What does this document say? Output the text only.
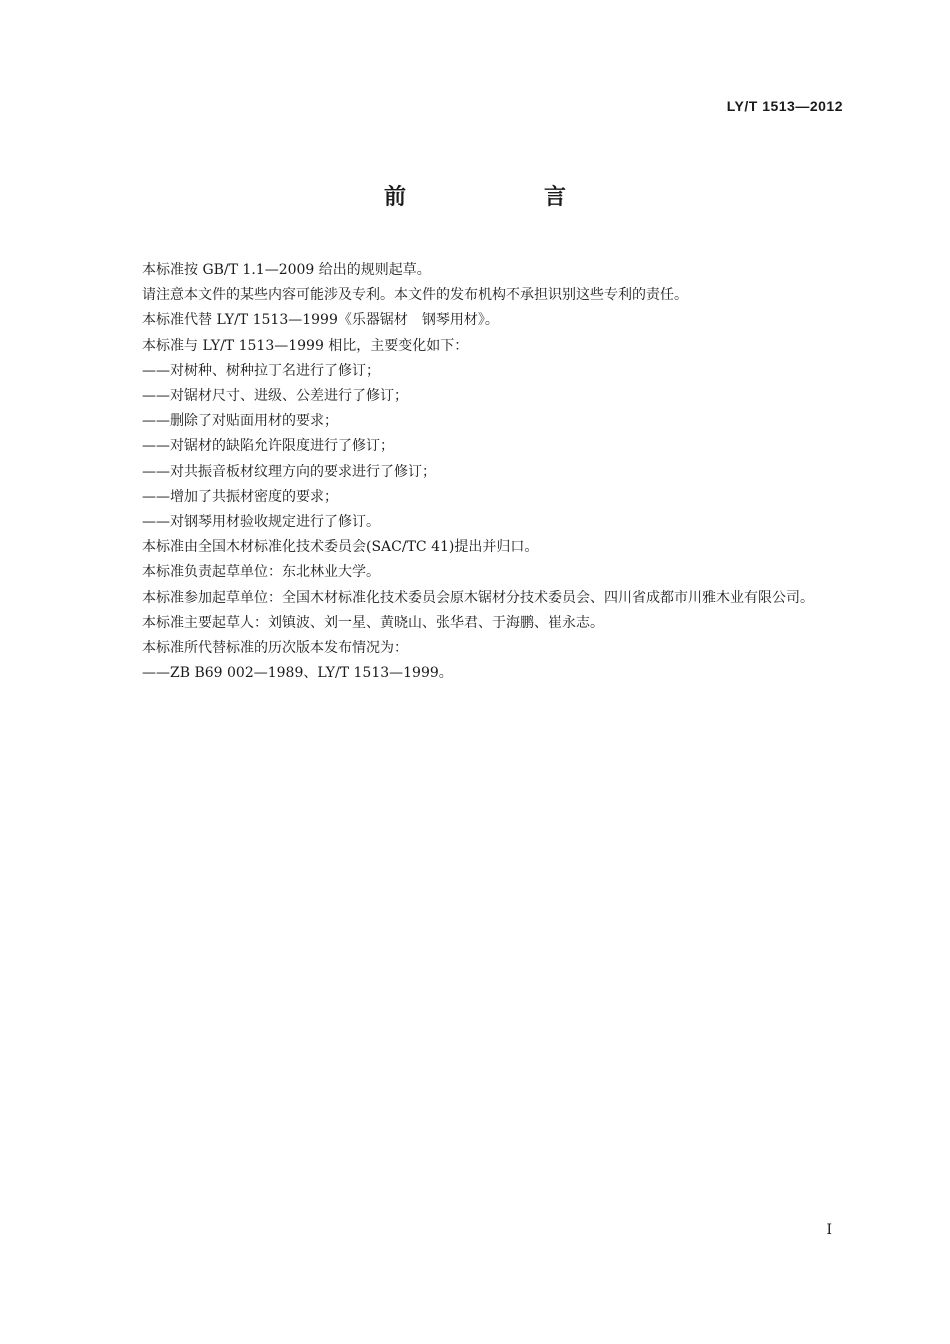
LY/T 1513—2012
前　言

本标准按 GB/T 1.1—2009 给出的规则起草。

请注意本文件的某些内容可能涉及专利。本文件的发布机构不承担识别这些专利的责任。

本标准代替 LY/T 1513—1999《乐器锯材　钢琴用材》。

本标准与 LY/T 1513—1999 相比，主要变化如下：

——对树种、树种拉丁名进行了修订；

——对锯材尺寸、进级、公差进行了修订；

——删除了对贴面用材的要求；

——对锯材的缺陷允许限度进行了修订；

——对共振音板材纹理方向的要求进行了修订；

——增加了共振材密度的要求；

——对钢琴用材验收规定进行了修订。

本标准由全国木材标准化技术委员会(SAC/TC 41)提出并归口。

本标准负责起草单位：东北林业大学。

本标准参加起草单位：全国木材标准化技术委员会原木锯材分技术委员会、四川省成都市川雅木业有限公司。

本标准主要起草人：刘镇波、刘一星、黄晓山、张华君、于海鹏、崔永志。

本标准所代替标准的历次版本发布情况为：

——ZB B69 002—1989、LY/T 1513—1999。

I
